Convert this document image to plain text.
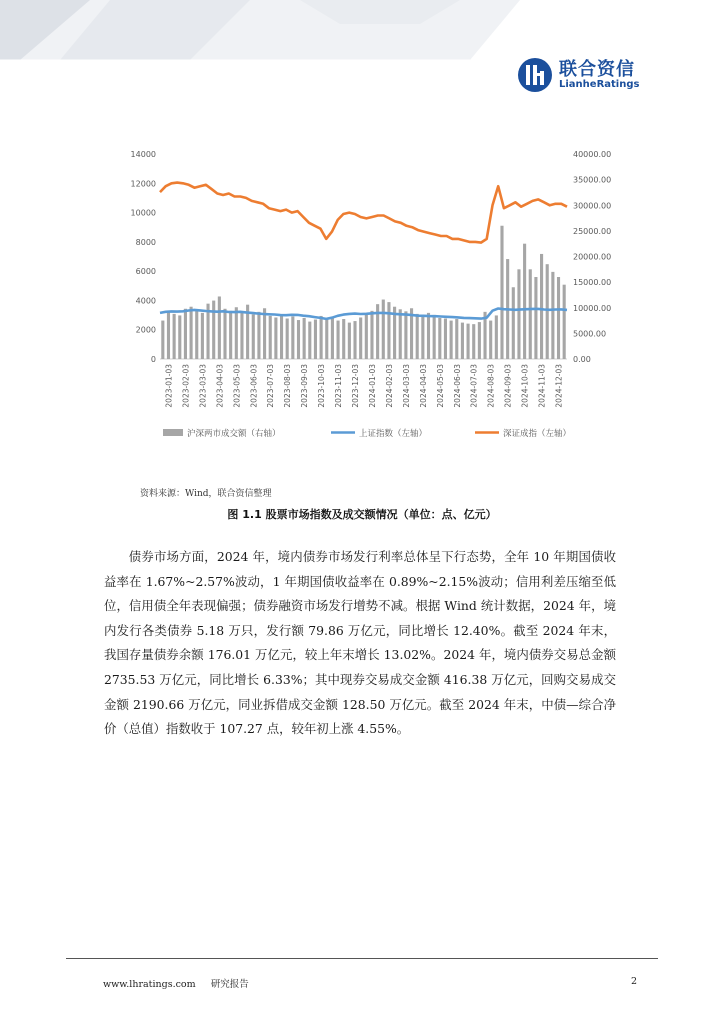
联合资信
LianheRatings
0
2000
4000
6000
8000
10000
12000
14000
0.00
5000.00
10000.00
15000.00
20000.00
25000.00
30000.00
35000.00
40000.00
2023-01-03 2023-02-03 2023-03-03 2023-04-03 2023-05-03 2023-06-03 2023-07-03 2023-08-03 2023-09-03 2023-10-03 2023-11-03 2023-12-03 2024-01-03 2024-02-03 2024-03-03 2024-04-03 2024-05-03 2024-06-03 2024-07-03 2024-08-03 2024-09-03 2024-10-03 2024-11-03 2024-12-03
沪深两市成交额（右轴）	上证指数（左轴）	深证成指（左轴）
资料来源：Wind，联合资信整理
图 1.1 股票市场指数及成交额情况（单位：点、亿元）

债券市场方面，2024 年，境内债券市场发行利率总体呈下行态势，全年 10 年期国债收益率在 1.67%~2.57%波动，1 年期国债收益率在 0.89%~2.15%波动；信用利差压缩至低位，信用债全年表现偏强；债券融资市场发行增势不减。根据 Wind 统计数据，2024 年，境内发行各类债券 5.18 万只，发行额 79.86 万亿元，同比增长 12.40%。截至 2024 年末，我国存量债券余额 176.01 万亿元，较上年末增长 13.02%。2024 年，境内债券交易总金额 2735.53 万亿元，同比增长 6.33%；其中现券交易成交金额 416.38 万亿元，回购交易成交金额 2190.66 万亿元，同业拆借成交金额 128.50 万亿元。截至 2024 年末，中债—综合净价（总值）指数收于 107.27 点，较年初上涨 4.55%。

www.lhratings.com 研究报告	2
